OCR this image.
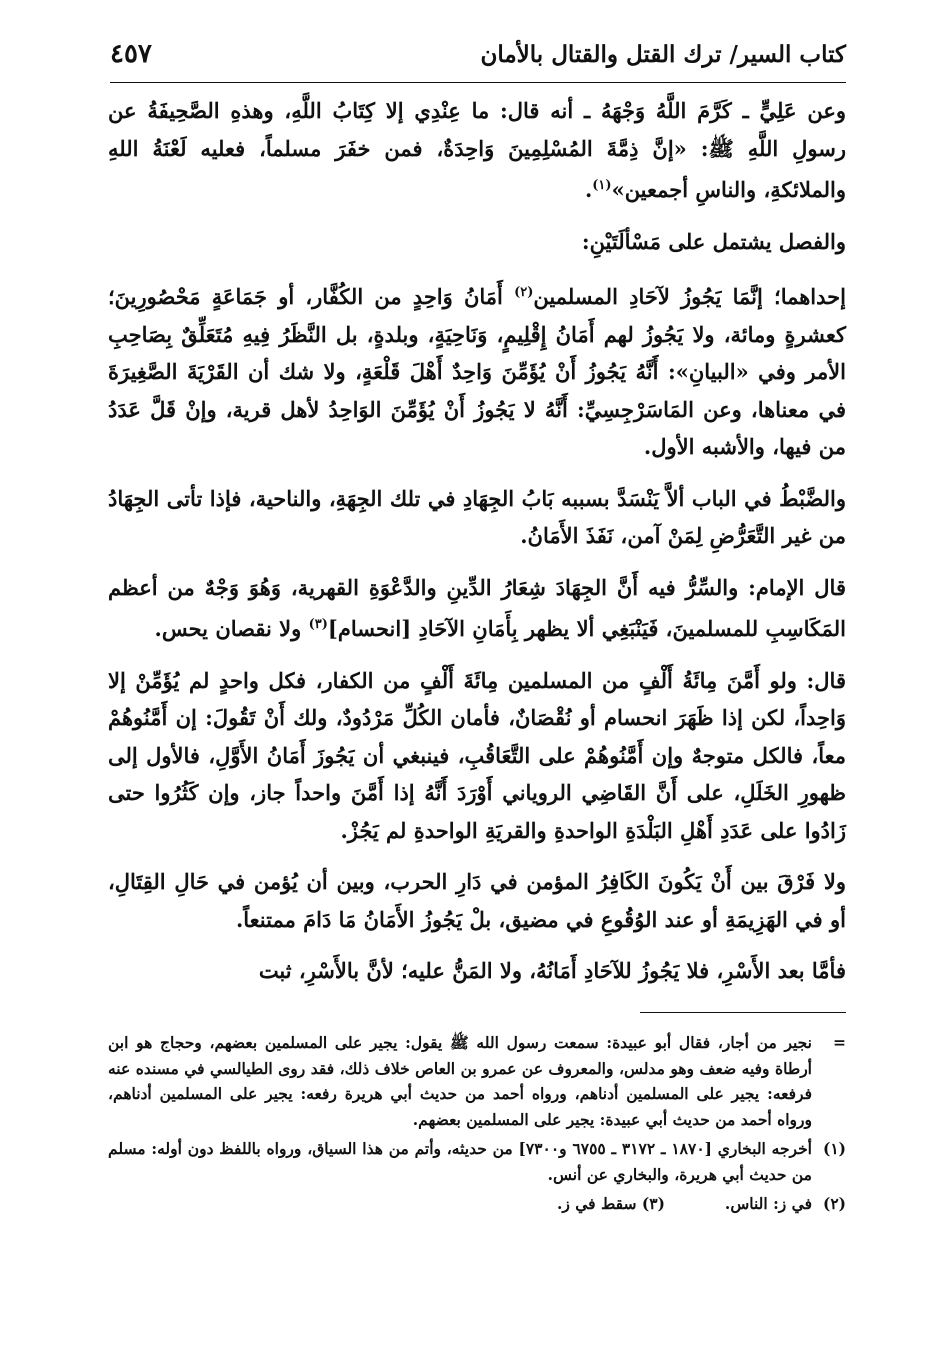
كتاب السير/ ترك القتل والقتال بالأمان
٤٥٧

وعن عَلِيٍّ ـ كَرَّمَ اللَّهُ وَجْهَهُ ـ أنه قال: ما عِنْدِي إلا كِتَابُ اللَّهِ، وهذهِ الصَّحِيفَةُ عن رسولِ اللَّهِ ﷺ: «إنَّ ذِمَّةَ المُسْلِمِينَ وَاحِدَةٌ، فمن خفَرَ مسلماً، فعليه لَعْنَةُ اللهِ والملائكةِ، والناسِ أجمعين»$^{(١)}$.

والفصل يشتمل على مَسْألَتَيْنِ:

إحداهما؛ إنَّمَا يَجُوزُ لآحَادِ المسلمين$^{(٢)}$ أَمَانُ وَاحِدٍ من الكُفَّار، أو جَمَاعَةٍ مَحْصُورِينَ؛ كعشرةٍ ومائة، ولا يَجُوزُ لهم أَمَانُ إِقْلِيمٍ، وَنَاحِيَةٍ، وبلدةٍ، بل النَّظَرُ فِيهِ مُتَعَلِّقٌ بِصَاحِبِ الأمر وفي «البيانِ»: أَنَّهُ يَجُوزُ أَنْ يُؤَمِّنَ وَاحِدٌ أَهْلَ قَلْعَةٍ، ولا شك أن القَرْيَةَ الصَّغِيرَةَ في معناها، وعن المَاسَرْجِسِيِّ: أَنَّهُ لا يَجُوزُ أَنْ يُؤَمِّنَ الوَاحِدُ لأهل قرية، وإنْ قَلَّ عَدَدُ من فيها، والأشبه الأول.

والضَّبْطُ في الباب ألاَّ يَنْسَدَّ بسببه بَابُ الجِهَادِ في تلك الجِهَةِ، والناحية، فإذا تأتى الجِهَادُ من غير التَّعَرُّضِ لِمَنْ آمن، نَفَذَ الأَمَانُ.

قال الإمام: والسِّرُّ فيه أَنَّ الجِهَادَ شِعَارُ الدِّينِ والدَّعْوَةِ القهرية، وَهُوَ وَجْهٌ من أعظم المَكَاسِبِ للمسلمينَ، فَيَنْبَغِي ألا يظهر بِأَمَانِ الآحَادِ [انحسام]$^{(٣)}$ ولا نقصان يحس.

قال: ولو أَمَّنَ مِائَةُ أَلْفٍ من المسلمين مِائَةَ أَلْفٍ من الكفار، فكل واحدٍ لم يُؤَمِّنْ إلا وَاحِداً، لكن إذا ظَهَرَ انحسام أو نُقْصَانٌ، فأمان الكُلِّ مَرْدُودٌ، ولك أَنْ تَقُولَ: إن أَمَّنُوهُمْ معاً، فالكل متوجهٌ وإن أَمَّنُوهُمْ على التَّعَاقُبِ، فينبغي أن يَجُوزَ أَمَانُ الأَوَّلِ، فالأول إلى ظهورِ الخَلَلِ، على أَنَّ القَاضِي الروياني أَوْرَدَ أَنَّهُ إذا أَمَّنَ واحداً جاز، وإن كَثُرُوا حتى زَادُوا على عَدَدِ أَهْلِ البَلْدَةِ الواحدةِ والقريَةِ الواحدةِ لم يَجُزْ.

ولا فَرْقَ بين أَنْ يَكُونَ الكَافِرُ المؤمن في دَارِ الحرب، وبين أن يُؤمن في حَالِ القِتَالِ، أو في الهَزِيمَةِ أو عند الوُقُوعِ في مضيق، بلْ يَجُوزُ الأَمَانُ مَا دَامَ ممتنعاً.

فأمَّا بعد الأَسْرِ، فلا يَجُوزُ للآحَادِ أَمَانُهُ، ولا المَنُّ عليه؛ لأنَّ بالأَسْرِ، ثبت

=
نجير من أجار، فقال أبو عبيدة: سمعت رسول الله ﷺ يقول: يجير على المسلمين بعضهم، وحجاج هو ابن أرطاة وفيه ضعف وهو مدلس، والمعروف عن عمرو بن العاص خلاف ذلك، فقد روى الطيالسي في مسنده عنه فرفعه: يجير على المسلمين أدناهم، ورواه أحمد من حديث أبي هريرة رفعه: يجير على المسلمين أدناهم، ورواه أحمد من حديث أبي عبيدة: يجير على المسلمين بعضهم.
(١)
أخرجه البخاري [١٨٧٠ ـ ٣١٧٢ ـ ٦٧٥٥ و٧٣٠٠] من حديثه، وأتم من هذا السياق، ورواه باللفظ دون أوله: مسلم من حديث أبي هريرة، والبخاري عن أنس.
(٢)
في ز: الناس.
(٣) سقط في ز.
